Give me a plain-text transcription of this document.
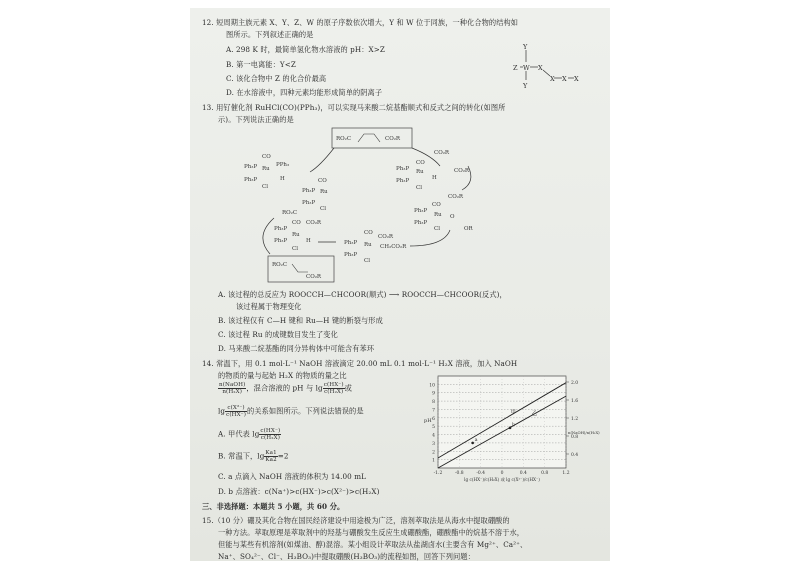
12. 短周期主族元素 X、Y、Z、W 的原子序数依次增大，Y 和 W 位于同族，一种化合物的结构如
图所示。下列叙述正确的是
A. 298 K 时，最简单氢化物水溶液的 pH：X>Z
B. 第一电离能：Y<Z
C. 该化合物中 Z 的化合价最高
D. 在水溶液中，四种元素均能形成简单的阴离子
Y
Z W X
X X X
Y
13. 用钌催化剂 RuHCl(CO)(PPh₃)，可以实现马来酸二烷基酯顺式和反式之间的转化(如图所
示)。下列说法正确的是
RO₂C	CO₂R
CO
Ph₃P Ru
PPh₃
Ph₃P
Cl
H	CO
Ph₃P Ru
Ph₃P
Cl
CO₂R
CO
Ph₃P Ru
Ph₃P
Cl
H
CO₂R
CO₂R
CO
Ph₃P
Ru
Ph₃P
Cl
O
OR
CO
Ph₃P Ru
CO₂R
CH₂CO₂R
Ph₃P
Cl
RO₂C
CO₂R
CO
Ph₃P
Ru
Ph₃P	H
Cl
RO₂C
CO₂R
A. 该过程的总反应为 ROOCCH—CHCOOR(顺式) ⟶ ROOCCH—CHCOOR(反式)，
该过程属于物理变化
B. 该过程仅有 C—H 键和 Ru—H 键的断裂与形成
C. 该过程 Ru 的成键数目发生了变化
D. 马来酸二烷基酯的同分异构体中可能含有苯环
14. 常温下，用 0.1 mol·L⁻¹ NaOH 溶液滴定 20.00 mL 0.1 mol·L⁻¹ H₂X 溶液，加入 NaOH
的物质的量与起始 H₂X 的物质的量之比
$\frac{\text{n(NaOH)}}{\text{n(H₂X)}}$ ，混合溶液的 pH 与 $\lg \frac{c(HX^-)}{\text{c(H₂X)}}$ 或
$\lg \frac{\text{c(X²⁻)}}{c(HX^-)}$ 的关系如图所示。下列说法错误的是
A. 甲代表 $\lg \frac{c(HX^-)}{\text{c(H₂X)}}$
B. 常温下，$\lg \frac{Ka1}{Ka2} =2$
C. a 点滴入 NaOH 溶液的体积为 14.00 mL
D. b 点溶液：c(Na⁺)>c(HX⁻)>c(X²⁻)>c(H₂X)
1
2
3
4
5
6
7
8
9
10
-1.2	-0.8	-0.4	0	0.4	0.8	1.2
2.0
1.6
1.2
0.8
0.4
pH
n(NaOH)/n(H₂X)
lg c(HX⁻)/c(H₂X) 或 lg c(X²⁻)/c(HX⁻)
甲	乙
a
b
三、非选择题：本题共 5 小题，共 60 分。
15.（10 分）硼及其化合物在国民经济建设中用途极为广泛，溶剂萃取法是从海水中提取硼酸的
一种方法。萃取原理是萃取剂中的羟基与硼酸发生反应生成硼酸酯，硼酸酯中的烷基不溶于水，
但能与某些有机溶剂(如煤油、醇)混溶。某小组设计萃取法从盐湖卤水(主要含有 Mg²⁺、Ca²⁺、
Na⁺、SO₄²⁻、Cl⁻、H₃BO₃)中提取硼酸(H₃BO₃)的流程如图，回答下列问题：
